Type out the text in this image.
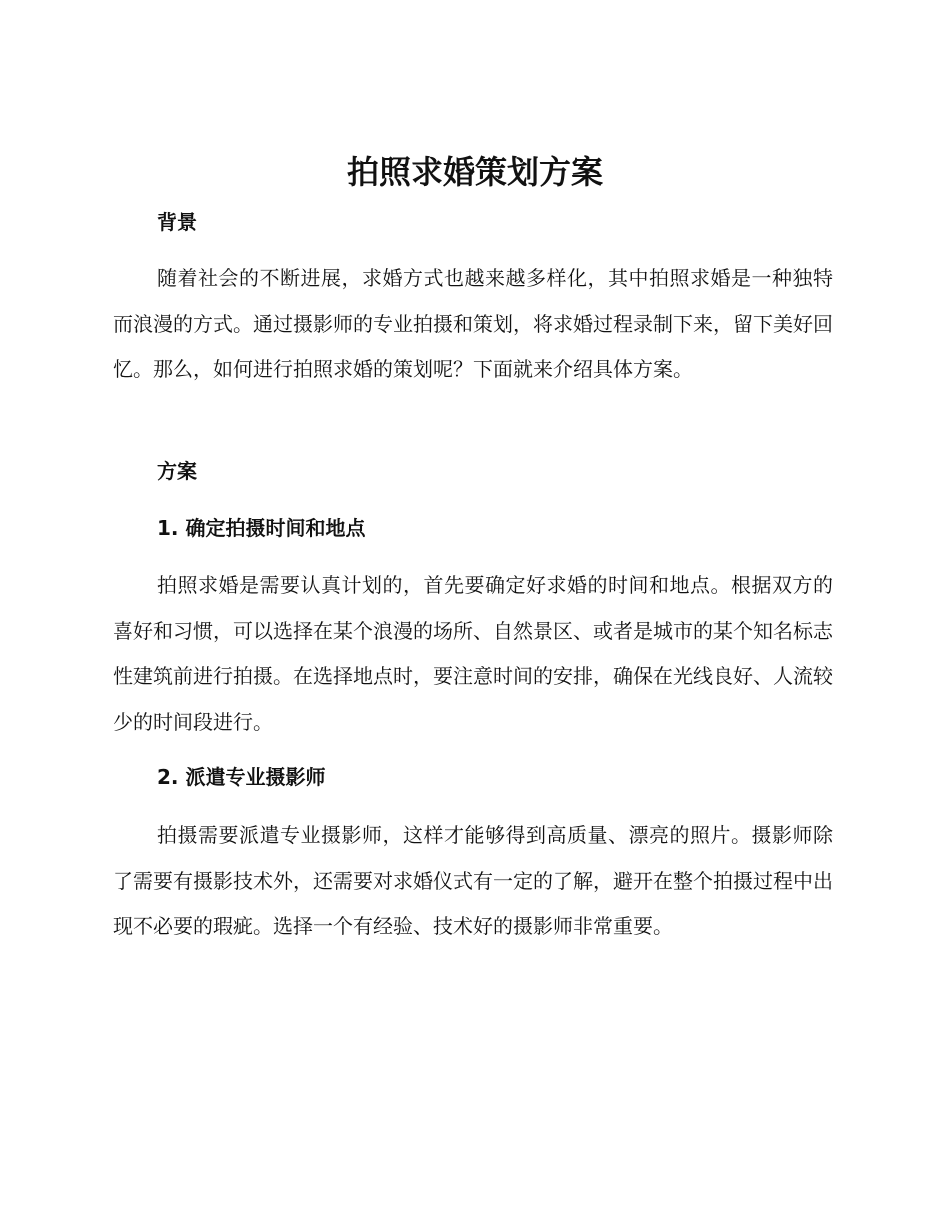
拍照求婚策划方案
背景

随着社会的不断进展，求婚方式也越来越多样化，其中拍照求婚是一种独特而浪漫的方式。通过摄影师的专业拍摄和策划，将求婚过程录制下来，留下美好回忆。那么，如何进行拍照求婚的策划呢？下面就来介绍具体方案。

方案
1. 确定拍摄时间和地点

拍照求婚是需要认真计划的，首先要确定好求婚的时间和地点。根据双方的喜好和习惯，可以选择在某个浪漫的场所、自然景区、或者是城市的某个知名标志性建筑前进行拍摄。在选择地点时，要注意时间的安排，确保在光线良好、人流较少的时间段进行。

2. 派遣专业摄影师

拍摄需要派遣专业摄影师，这样才能够得到高质量、漂亮的照片。摄影师除了需要有摄影技术外，还需要对求婚仪式有一定的了解，避开在整个拍摄过程中出现不必要的瑕疵。选择一个有经验、技术好的摄影师非常重要。
